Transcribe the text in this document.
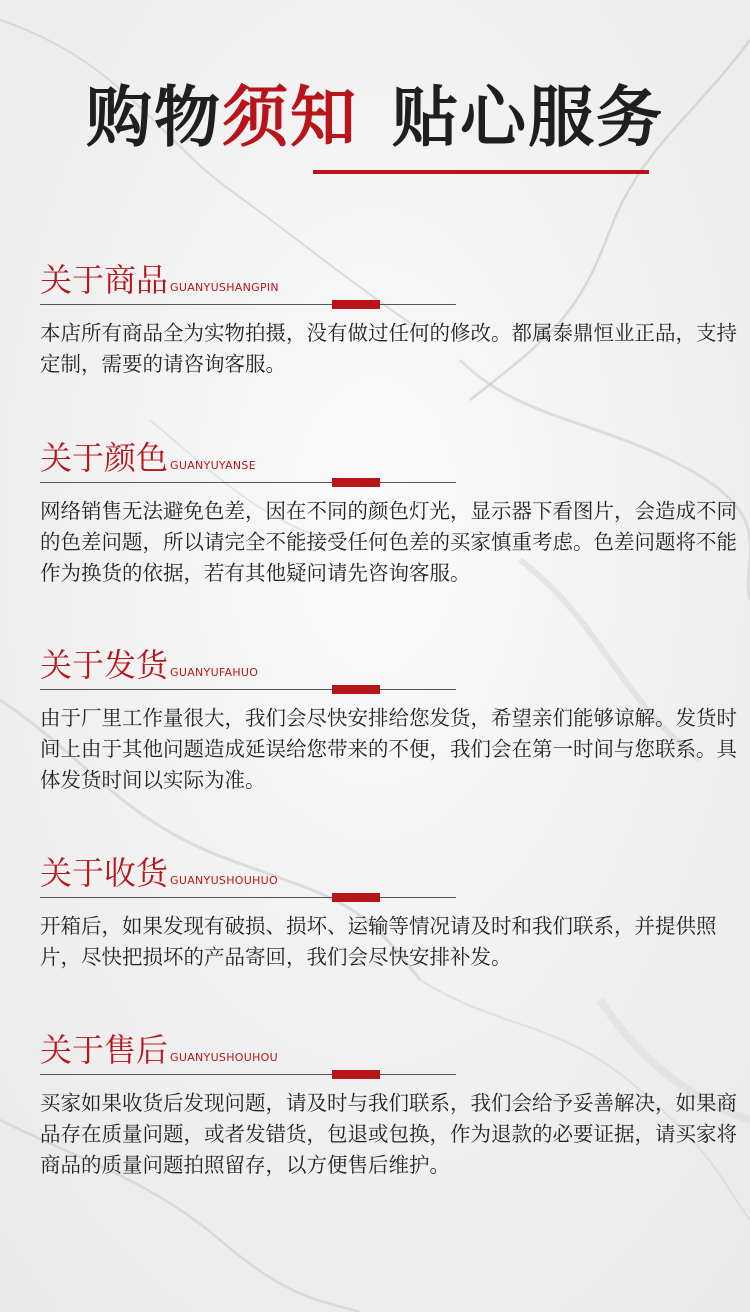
购物须知 贴心服务
关于商品 GUANYUSHANGPIN
本店所有商品全为实物拍摄，没有做过任何的修改。都属泰鼎恒业正品，支持定制，需要的请咨询客服。
关于颜色 GUANYUYANSE
网络销售无法避免色差，因在不同的颜色灯光，显示器下看图片，会造成不同的色差问题，所以请完全不能接受任何色差的买家慎重考虑。色差问题将不能作为换货的依据，若有其他疑问请先咨询客服。
关于发货 GUANYUFAHUO
由于厂里工作量很大，我们会尽快安排给您发货，希望亲们能够谅解。发货时间上由于其他问题造成延误给您带来的不便，我们会在第一时间与您联系。具体发货时间以实际为准。
关于收货 GUANYUSHOUHUO
开箱后，如果发现有破损、损坏、运输等情况请及时和我们联系，并提供照片，尽快把损坏的产品寄回，我们会尽快安排补发。
关于售后 GUANYUSHOUHOU
买家如果收货后发现问题，请及时与我们联系，我们会给予妥善解决，如果商品存在质量问题，或者发错货，包退或包换，作为退款的必要证据，请买家将商品的质量问题拍照留存，以方便售后维护。
